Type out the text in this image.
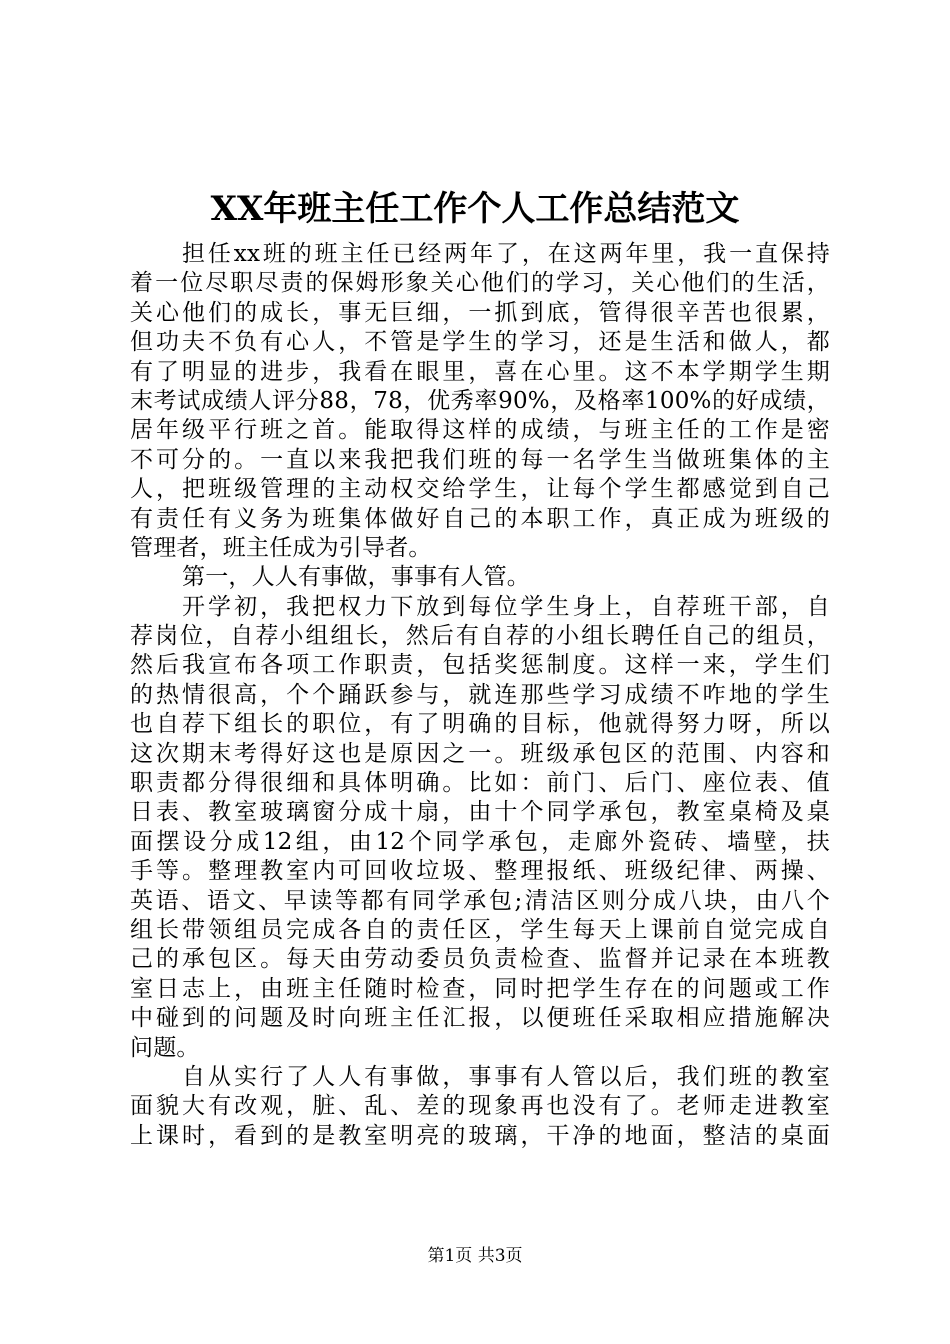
XX年班主任工作个人工作总结范文
担任xx班的班主任已经两年了，在这两年里，我一直保持
着一位尽职尽责的保姆形象关心他们的学习，关心他们的生活，
关心他们的成长，事无巨细，一抓到底，管得很辛苦也很累，
但功夫不负有心人，不管是学生的学习，还是生活和做人，都
有了明显的进步，我看在眼里，喜在心里。这不本学期学生期
末考试成绩人评分88，78，优秀率90%，及格率100%的好成绩，
居年级平行班之首。能取得这样的成绩，与班主任的工作是密
不可分的。一直以来我把我们班的每一名学生当做班集体的主
人，把班级管理的主动权交给学生，让每个学生都感觉到自己
有责任有义务为班集体做好自己的本职工作，真正成为班级的
管理者，班主任成为引导者。
第一，人人有事做，事事有人管。
开学初，我把权力下放到每位学生身上，自荐班干部，自
荐岗位，自荐小组组长，然后有自荐的小组长聘任自己的组员，
然后我宣布各项工作职责，包括奖惩制度。这样一来，学生们
的热情很高，个个踊跃参与，就连那些学习成绩不咋地的学生
也自荐下组长的职位，有了明确的目标，他就得努力呀，所以
这次期末考得好这也是原因之一。班级承包区的范围、内容和
职责都分得很细和具体明确。比如：前门、后门、座位表、值
日表、教室玻璃窗分成十扇，由十个同学承包，教室桌椅及桌
面摆设分成12组，由12个同学承包，走廊外瓷砖、墙壁，扶
手等。整理教室内可回收垃圾、整理报纸、班级纪律、两操、
英语、语文、早读等都有同学承包;清洁区则分成八块，由八个
组长带领组员完成各自的责任区，学生每天上课前自觉完成自
己的承包区。每天由劳动委员负责检查、监督并记录在本班教
室日志上，由班主任随时检查，同时把学生存在的问题或工作
中碰到的问题及时向班主任汇报，以便班任采取相应措施解决
问题。
自从实行了人人有事做，事事有人管以后，我们班的教室
面貌大有改观，脏、乱、差的现象再也没有了。老师走进教室
上课时，看到的是教室明亮的玻璃，干净的地面，整洁的桌面
第1页 共3页
